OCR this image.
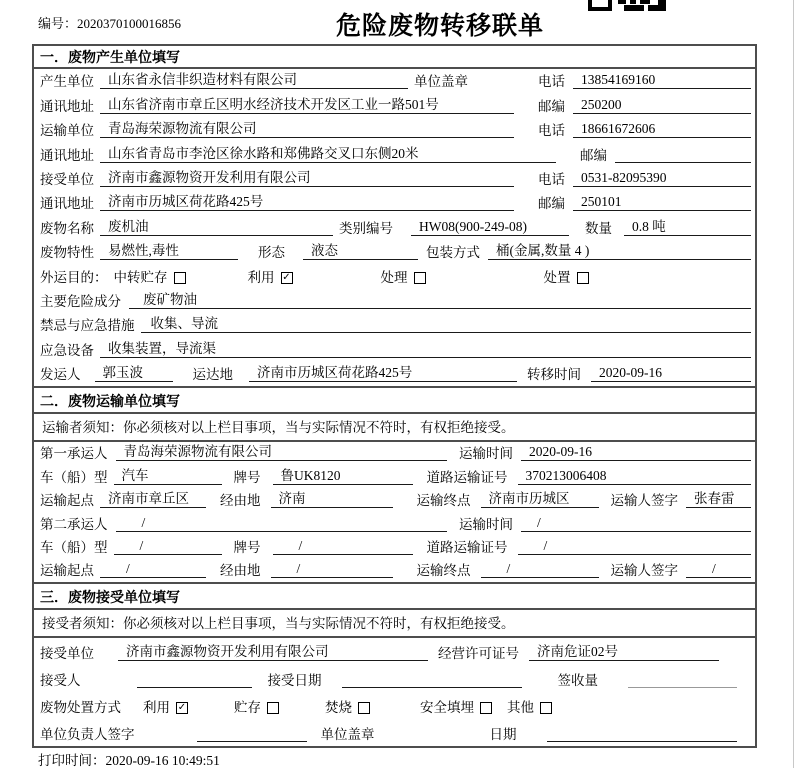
编号：2020370100016856	危险废物转移联单
一．废物产生单位填写
产生单位	山东省永信非织造材料有限公司	单位盖章	电话	13854169160
通讯地址	山东省济南市章丘区明水经济技术开发区工业一路501号	邮编	250200
运输单位	青岛海荣源物流有限公司	电话	18661672606
通讯地址	山东省青岛市李沧区徐水路和郑佛路交叉口东侧20米	邮编
接受单位	济南市鑫源物资开发利用有限公司	电话	0531-82095390
通讯地址	济南市历城区荷花路425号	邮编	250101
废物名称	废机油	类别编号	HW08(900-249-08)	数量	0.8 吨
废物特性	易燃性,毒性	形态	液态	包装方式	桶(金属,数量 4 )
外运目的： 中转贮存	利用 ✓	处理	处置
主要危险成分	废矿物油
禁忌与应急措施	收集、导流
应急设备	收集装置，导流渠
发运人	郭玉波	运达地	济南市历城区荷花路425号	转移时间	2020-09-16
二．废物运输单位填写
运输者须知：你必须核对以上栏目事项，当与实际情况不符时，有权拒绝接受。
第一承运人	青岛海荣源物流有限公司	运输时间	2020-09-16
车（船）型	汽车	牌号	鲁UK8120	道路运输证号	370213006408
运输起点	济南市章丘区	经由地	济南	运输终点	济南市历城区	运输人签字	张春雷
第二承运人	/	运输时间	/
车（船）型	/	牌号	/	道路运输证号	/
运输起点	/	经由地	/	运输终点	/	运输人签字	/
三．废物接受单位填写
接受者须知：你必须核对以上栏目事项，当与实际情况不符时，有权拒绝接受。
接受单位	济南市鑫源物资开发利用有限公司	经营许可证号	济南危证02号
接受人	接受日期	签收量
废物处置方式 利用 ✓	贮存	焚烧	安全填埋 其他
单位负责人签字	单位盖章	日期
打印时间：2020-09-16 10:49:51
